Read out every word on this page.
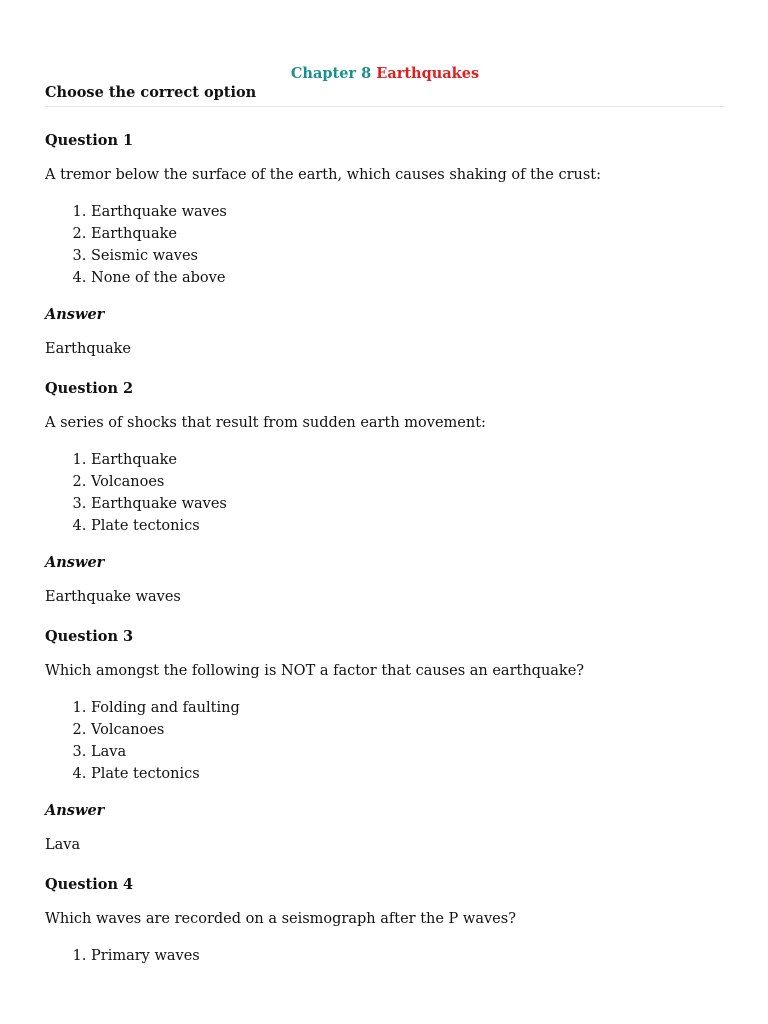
Chapter 8 Earthquakes
Choose the correct option

Question 1

A tremor below the surface of the earth, which causes shaking of the crust:

1. Earthquake waves
2. Earthquake
3. Seismic waves
4. None of the above

Answer

Earthquake

Question 2

A series of shocks that result from sudden earth movement:

1. Earthquake
2. Volcanoes
3. Earthquake waves
4. Plate tectonics

Answer

Earthquake waves

Question 3

Which amongst the following is NOT a factor that causes an earthquake?

1. Folding and faulting
2. Volcanoes
3. Lava
4. Plate tectonics

Answer

Lava

Question 4

Which waves are recorded on a seismograph after the P waves?

1. Primary waves
